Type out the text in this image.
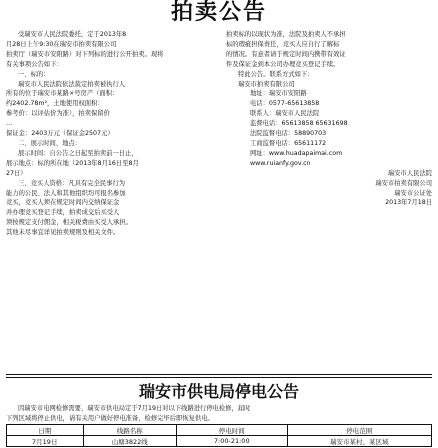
拍卖公告

受瑞安市人民法院委托，定于2013年8

月28日上午9:30在瑞安市拍卖有限公司

拍卖厅（瑞安市安阳路）对下列标的进行公开拍卖。现将

有关事项公告如下：

一、标的：

瑞安市人民法院依法裁定拍卖被执行人

所有的位于瑞安市某路×号房产（面积：

约2402.78m²，土地使用权面积：

参考价：以评估价为准），拍卖保留价

…

保证金：2403万元（保证金2507元）

二、展示时间、地点：

展示时间：自公告之日起至拍卖前一日止，

展示地点：标的所在地（2013年8月16日至8月

27日）

三、竞买人资格：凡具有完全民事行为

能力的公民、法人和其他组织均可报名参加

竞买，竞买人须在规定时间内交纳保证金

并办理竞买登记手续，拍卖成交后买受人

须按规定支付佣金，相关税费由买受人承担。

其他未尽事宜详见拍卖规则及相关文件。

拍卖标的以现状为准，法院及拍卖人不承担

标的瑕疵担保责任，竞买人应自行了解标

的情况。有意者请于规定时间内携带有效证

件及保证金到本公司办理竞买登记手续。

特此公告。联系方式如下：

瑞安市拍卖有限公司

地址：瑞安市安阳路

电话：0577-65613858

联系人：瑞安市人民法院

监督电话：65613858 65631698

法院监督电话：58890703

工商监督电话：65611172

网址：www.huadapaimai.com

www.ruianfy.gov.cn

瑞安市人民法院

瑞安市拍卖有限公司

瑞安市公证处

2013年7月18日

瑞安市供电局停电公告

因瑞安市电网检修需要，瑞安市供电局定于7月19日对以下线路进行停电检修，届时

下列区域将停止供电，请有关用户做好停电准备，检修完毕后即恢复供电。

日期	线路名称	停电时间	停电范围
7月19日	山塘3822线	7:00-21:00	瑞安市某村、某区域
